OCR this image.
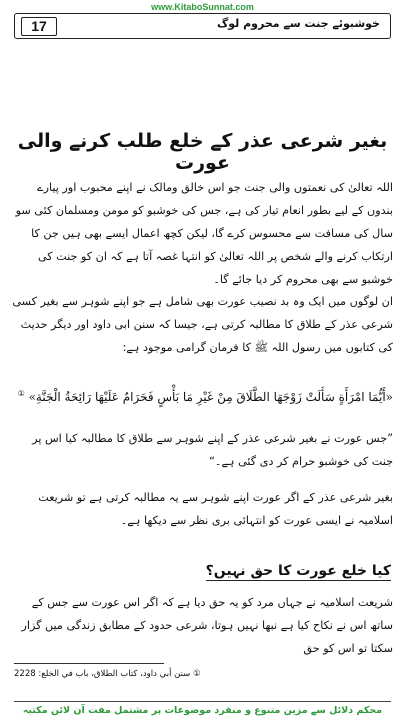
www.KitaboSunnat.com
17	خوشبوئے جنت سے محروم لوگ
بغیر شرعی عذر کے خلع طلب کرنے والی عورت
اللہ تعالیٰ کی نعمتوں والی جنت جو اس خالق ومالک نے اپنے محبوب اور پیارے بندوں کے لیے بطور انعام تیار کی ہے، جس کی خوشبو کو مومن ومسلمان کئی سو سال کی مسافت سے محسوس کرے گا، لیکن کچھ اعمال ایسے بھی ہیں جن کا ارتکاب کرنے والے شخص پر اللہ تعالیٰ کو انتہا غصہ آتا ہے کہ ان کو جنت کی خوشبو سے بھی محروم کر دیا جائے گا۔
ان لوگوں میں ایک وہ بد نصیب عورت بھی شامل ہے جو اپنے شوہر سے بغیر کسی شرعی عذر کے طلاق کا مطالبہ کرتی ہے، جیسا کہ سنن ابی داود اور دیگر حدیث کی کتابوں میں رسول اللہ ﷺ کا فرمان گرامی موجود ہے:
«أَيُّمَا امْرَأَةٍ سَأَلَتْ زَوْجَهَا الطَّلَاقَ مِنْ غَيْرِ مَا بَأْسٍ فَحَرَامٌ عَلَيْهَا رَائِحَةُ الْجَنَّةِ» ①
”جس عورت نے بغیر شرعی عذر کے اپنے شوہر سے طلاق کا مطالبہ کیا اس پر جنت کی خوشبو حرام کر دی گئی ہے۔“
بغیر شرعی عذر کے اگر عورت اپنے شوہر سے یہ مطالبہ کرتی ہے تو شریعت اسلامیہ نے ایسی عورت کو انتہائی بری نظر سے دیکھا ہے۔
کیا خلع عورت کا حق نہیں؟
شریعت اسلامیہ نے جہاں مرد کو یہ حق دیا ہے کہ اگر اس عورت سے جس کے ساتھ اس نے نکاح کیا ہے نبھا نہیں ہوتا، شرعی حدود کے مطابق زندگی میں گزار سکتا تو اس کو حق
① سنن أبي داود، کتاب الطلاق، باب في الخلع: 2228
محکم دلائل سے مزین متنوع و منفرد موضوعات پر مشتمل مفت آن لائن مکتبہ
